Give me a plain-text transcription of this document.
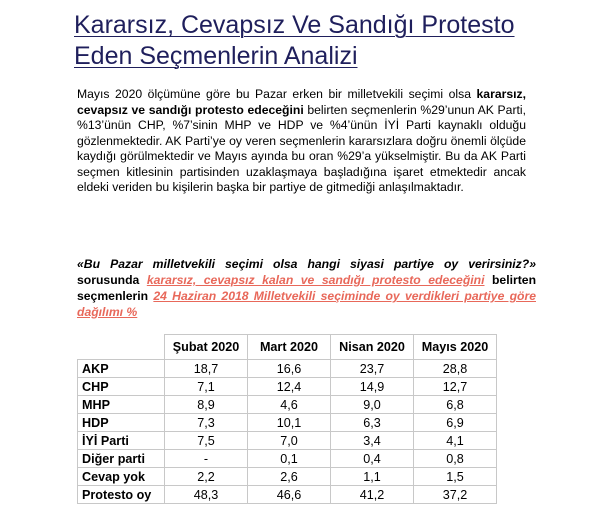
Kararsız, Cevapsız Ve Sandığı Protesto
Eden Seçmenlerin Analizi
Mayıs 2020 ölçümüne göre bu Pazar erken bir milletvekili seçimi olsa kararsız, cevapsız ve sandığı protesto edeceğini belirten seçmenlerin %29’unun AK Parti, %13’ünün CHP, %7’sinin MHP ve HDP ve %4’ünün İYİ Parti kaynaklı olduğu gözlenmektedir. AK Parti’ye oy veren seçmenlerin kararsızlara doğru önemli ölçüde kaydığı görülmektedir ve Mayıs ayında bu oran %29’a yükselmiştir. Bu da AK Parti seçmen kitlesinin partisinden uzaklaşmaya başladığına işaret etmektedir ancak eldeki veriden bu kişilerin başka bir partiye de gitmediği anlaşılmaktadır.
«Bu Pazar milletvekili seçimi olsa hangi siyasi partiye oy verirsiniz?» sorusunda kararsız, cevapsız kalan ve sandığı protesto edeceğini belirten seçmenlerin 24 Haziran 2018 Milletvekili seçiminde oy verdikleri partiye göre dağılımı %
	Şubat 2020	Mart 2020	Nisan 2020	Mayıs 2020
AKP	18,7	16,6	23,7	28,8
CHP	7,1	12,4	14,9	12,7
MHP	8,9	4,6	9,0	6,8
HDP	7,3	10,1	6,3	6,9
İYİ Parti	7,5	7,0	3,4	4,1
Diğer parti	-	0,1	0,4	0,8
Cevap yok	2,2	2,6	1,1	1,5
Protesto oy	48,3	46,6	41,2	37,2
